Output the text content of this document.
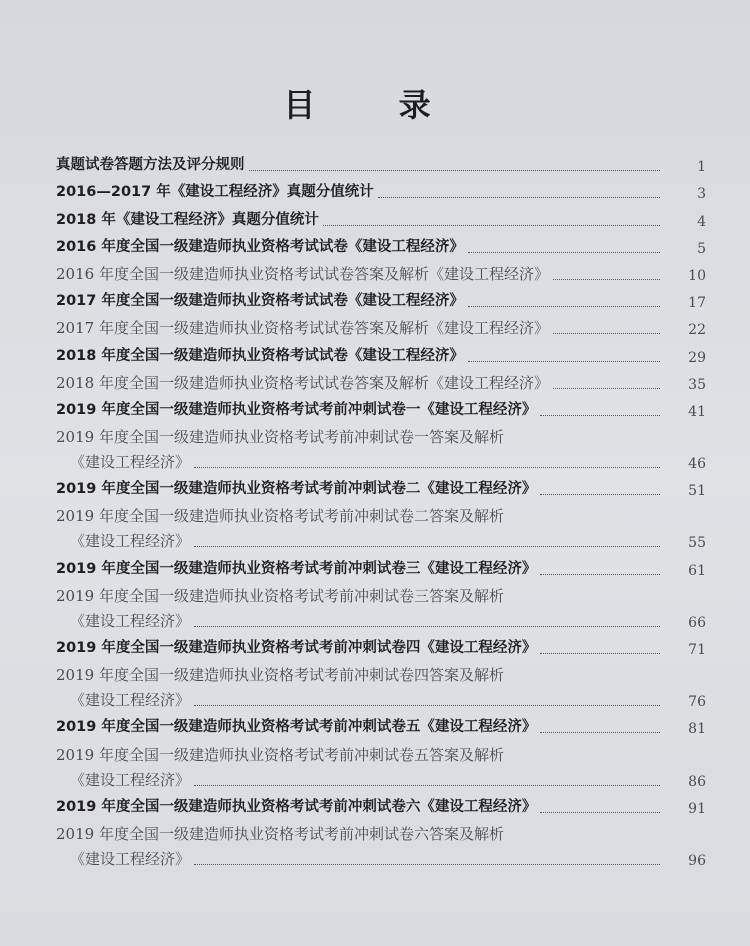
目 录
真题试卷答题方法及评分规则	1
2016—2017 年《建设工程经济》真题分值统计	3
2018 年《建设工程经济》真题分值统计	4
2016 年度全国一级建造师执业资格考试试卷《建设工程经济》	5
2016 年度全国一级建造师执业资格考试试卷答案及解析《建设工程经济》	10
2017 年度全国一级建造师执业资格考试试卷《建设工程经济》	17
2017 年度全国一级建造师执业资格考试试卷答案及解析《建设工程经济》	22
2018 年度全国一级建造师执业资格考试试卷《建设工程经济》	29
2018 年度全国一级建造师执业资格考试试卷答案及解析《建设工程经济》	35
2019 年度全国一级建造师执业资格考试考前冲刺试卷一《建设工程经济》	41
2019 年度全国一级建造师执业资格考试考前冲刺试卷一答案及解析
《建设工程经济》	46
2019 年度全国一级建造师执业资格考试考前冲刺试卷二《建设工程经济》	51
2019 年度全国一级建造师执业资格考试考前冲刺试卷二答案及解析
《建设工程经济》	55
2019 年度全国一级建造师执业资格考试考前冲刺试卷三《建设工程经济》	61
2019 年度全国一级建造师执业资格考试考前冲刺试卷三答案及解析
《建设工程经济》	66
2019 年度全国一级建造师执业资格考试考前冲刺试卷四《建设工程经济》	71
2019 年度全国一级建造师执业资格考试考前冲刺试卷四答案及解析
《建设工程经济》	76
2019 年度全国一级建造师执业资格考试考前冲刺试卷五《建设工程经济》	81
2019 年度全国一级建造师执业资格考试考前冲刺试卷五答案及解析
《建设工程经济》	86
2019 年度全国一级建造师执业资格考试考前冲刺试卷六《建设工程经济》	91
2019 年度全国一级建造师执业资格考试考前冲刺试卷六答案及解析
《建设工程经济》	96
